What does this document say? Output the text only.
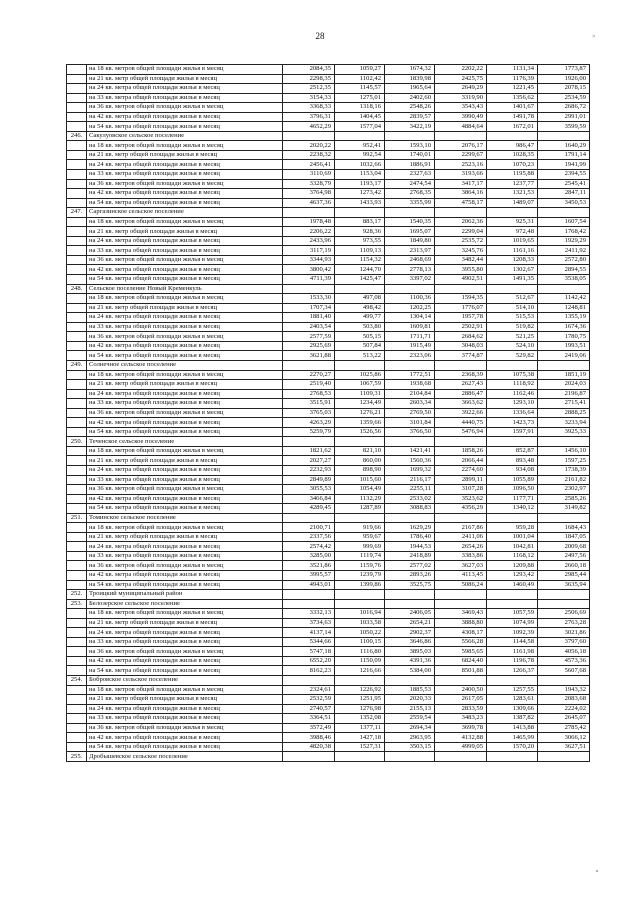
28	»
	на 18 кв. метров общей площади жилья в месяц	2084,35	1059,27	1674,32	2202,22	1131,34	1773,87
	на 21 кв. метр общей площади жилья в месяц	2298,35	1102,42	1839,98	2425,75	1176,39	1926,00
	на 24 кв. метра общей площади жилья в месяц	2512,35	1145,57	1965,64	2649,29	1221,45	2078,15
	на 33 кв. метра общей площади жилья в месяц	3154,33	1275,01	2402,60	3319,90	1356,62	2534,59
	на 36 кв. метров общей площади жилья в месяц	3368,33	1318,16	2548,26	3543,43	1401,67	2686,72
	на 42 кв. метра общей площади жилья в месяц	3796,31	1404,45	2839,57	3990,49	1491,78	2991,01
	на 54 кв. метра общей площади жилья в месяц	4652,29	1577,04	3422,19	4884,64	1672,01	3599,59
246.	Сакулуовское сельское поселение						
	на 18 кв. метров общей площади жилья в месяц	2020,22	952,41	1593,10	2076,17	986,47	1640,29
	на 21 кв. метр общей площади жилья в месяц	2238,32	992,54	1740,01	2299,67	1028,35	1791,14
	на 24 кв. метра общей площади жилья в месяц	2456,41	1032,66	1886,91	2523,16	1070,23	1941,99
	на 33 кв. метра общей площади жилья в месяц	3110,69	1153,04	2327,63	3193,66	1195,88	2394,55
	на 36 кв. метров общей площади жилья в месяц	3328,79	1193,17	2474,54	3417,17	1237,77	2545,41
	на 42 кв. метра общей площади жилья в месяц	3764,98	1273,42	2768,35	3864,16	1321,53	2847,11
	на 54 кв. метра общей площади жилья в месяц	4637,36	1433,93	3355,99	4758,17	1489,07	3450,53
247.	Саргазинское сельское поселение						
	на 18 кв. метров общей площади жилья в месяц	1978,48	883,17	1540,35	2062,36	925,31	1607,54
	на 21 кв. метр общей площади жилья в месяц	2206,22	928,36	1695,07	2299,04	972,48	1768,42
	на 24 кв. метра общей площади жилья в месяц	2433,96	973,55	1849,80	2535,72	1019,65	1929,29
	на 33 кв. метра общей площади жилья в месяц	3117,19	1109,13	2313,97	3245,76	1161,16	2411,92
	на 36 кв. метров общей площади жилья в месяц	3344,93	1154,32	2468,69	3482,44	1208,33	2572,80
	на 42 кв. метра общей площади жилья в месяц	3800,42	1244,70	2778,13	3955,80	1302,67	2894,55
	на 54 кв. метра общей площади жилья в месяц	4711,39	1425,47	3397,02	4902,51	1491,35	3538,05
248.	Сельское поселение Новый Кременкуль						
	на 18 кв. метров общей площади жилья в месяц	1533,30	497,08	1100,36	1594,35	512,67	1142,42
	на 21 кв. метр общей площади жилья в месяц	1707,34	498,42	1202,25	1776,07	514,10	1248,81
	на 24 кв. метра общей площади жилья в месяц	1881,40	499,77	1304,14	1957,78	515,53	1355,19
	на 33 кв. метра общей площади жилья в месяц	2403,54	503,80	1609,81	2502,91	519,82	1674,36
	на 36 кв. метров общей площади жилья в месяц	2577,59	505,15	1711,71	2684,62	521,25	1780,75
	на 42 кв. метра общей площади жилья в месяц	2925,69	507,84	1915,49	3048,03	524,10	1993,51
	на 54 кв. метра общей площади жилья в месяц	3621,88	513,22	2323,06	3774,87	529,82	2419,06
249.	Солнечное сельское поселение						
	на 18 кв. метров общей площади жилья в месяц	2270,27	1025,86	1772,51	2368,39	1075,38	1851,19
	на 21 кв. метр общей площади жилья в месяц	2519,40	1067,59	1938,68	2627,43	1118,92	2024,03
	на 24 кв. метра общей площади жилья в месяц	2768,53	1109,31	2104,84	2886,47	1162,46	2196,87
	на 33 кв. метра общей площади жилья в месяц	3515,91	1234,49	2603,34	3663,62	1293,10	2715,41
	на 36 кв. метров общей площади жилья в месяц	3765,03	1276,21	2769,50	3922,66	1336,64	2888,25
	на 42 кв. метра общей площади жилья в месяц	4263,29	1359,66	3101,84	4440,75	1423,73	3233,94
	на 54 кв. метра общей площади жилья в месяц	5259,79	1526,56	3766,50	5476,94	1597,91	3925,33
250.	Теченское сельское поселение						
	на 18 кв. метров общей площади жилья в месяц	1821,62	821,10	1421,41	1858,26	852,87	1456,10
	на 21 кв. метр общей площади жилья в месяц	2027,27	860,00	1560,36	2066,44	893,48	1597,25
	на 24 кв. метра общей площади жилья в месяц	2232,93	898,90	1699,32	2274,60	934,08	1738,39
	на 33 кв. метра общей площади жилья в месяц	2849,89	1015,60	2116,17	2899,11	1055,89	2161,82
	на 36 кв. метров общей площади жилья в месяц	3055,53	1054,49	2255,11	3107,28	1096,50	2302,97
	на 42 кв. метра общей площади жилья в месяц	3466,84	1132,29	2533,02	3523,62	1177,71	2585,26
	на 54 кв. метра общей площади жилья в месяц	4289,45	1287,89	3088,83	4356,29	1340,12	3149,82
251.	Томинское сельское поселение						
	на 18 кв. метров общей площади жилья в месяц	2100,71	919,66	1629,29	2167,86	959,28	1684,43
	на 21 кв. метр общей площади жилья в месяц	2337,56	959,67	1786,40	2411,06	1001,04	1847,05
	на 24 кв. метра общей площади жилья в месяц	2574,42	999,69	1944,53	2654,26	1042,81	2009,68
	на 33 кв. метра общей площади жилья в месяц	3285,00	1119,74	2418,89	3383,86	1168,12	2497,56
	на 36 кв. метров общей площади жилья в месяц	3521,86	1159,76	2577,02	3627,03	1209,88	2660,18
	на 42 кв. метра общей площади жилья в месяц	3995,57	1239,79	2893,26	4113,45	1293,42	2985,44
	на 54 кв. метра общей площади жилья в месяц	4943,01	1399,86	3525,75	5086,24	1460,49	3635,94
252.	Троицкий муниципальный район						
253.	Белозерское сельское поселение						
	на 18 кв. метров общей площади жилья в месяц	3332,13	1016,94	2406,05	3469,43	1057,59	2506,69
	на 21 кв. метр общей площади жилья в месяц	3734,63	1033,58	2654,21	3888,80	1074,99	2763,28
	на 24 кв. метра общей площади жилья в месяц	4137,14	1050,22	2902,37	4308,17	1092,39	3021,86
	на 33 кв. метра общей площади жилья в месяц	5344,66	1100,15	3646,86	5566,28	1144,58	3797,60
	на 36 кв. метров общей площади жилья в месяц	5747,18	1116,80	3895,03	5985,65	1161,98	4056,18
	на 42 кв. метра общей площади жилья в месяц	6552,20	1150,09	4391,36	6824,40	1196,78	4573,36
	на 54 кв. метра общей площади жилья в месяц	8162,23	1216,66	5384,00	8501,88	1266,37	5607,68
254.	Бобровское сельское поселение						
	на 18 кв. метров общей площади жилья в месяц	2324,61	1226,92	1885,53	2400,50	1257,55	1943,32
	на 21 кв. метр общей площади жилья в месяц	2532,59	1251,95	2020,33	2617,05	1283,61	2083,68
	на 24 кв. метра общей площади жилья в месяц	2740,57	1276,98	2155,13	2833,59	1309,66	2224,02
	на 33 кв. метра общей площади жилья в месяц	3364,51	1352,08	2559,54	3483,23	1387,82	2645,07
	на 36 кв. метров общей площади жилья в месяц	3572,49	1377,11	2694,34	3699,78	1413,88	2785,42
	на 42 кв. метра общей площади жилья в месяц	3988,46	1427,18	2963,95	4132,88	1465,99	3066,12
	на 54 кв. метра общей площади жилья в месяц	4820,38	1527,31	3503,15	4999,05	1570,20	3627,51
255.	Дробышевское сельское поселение						
